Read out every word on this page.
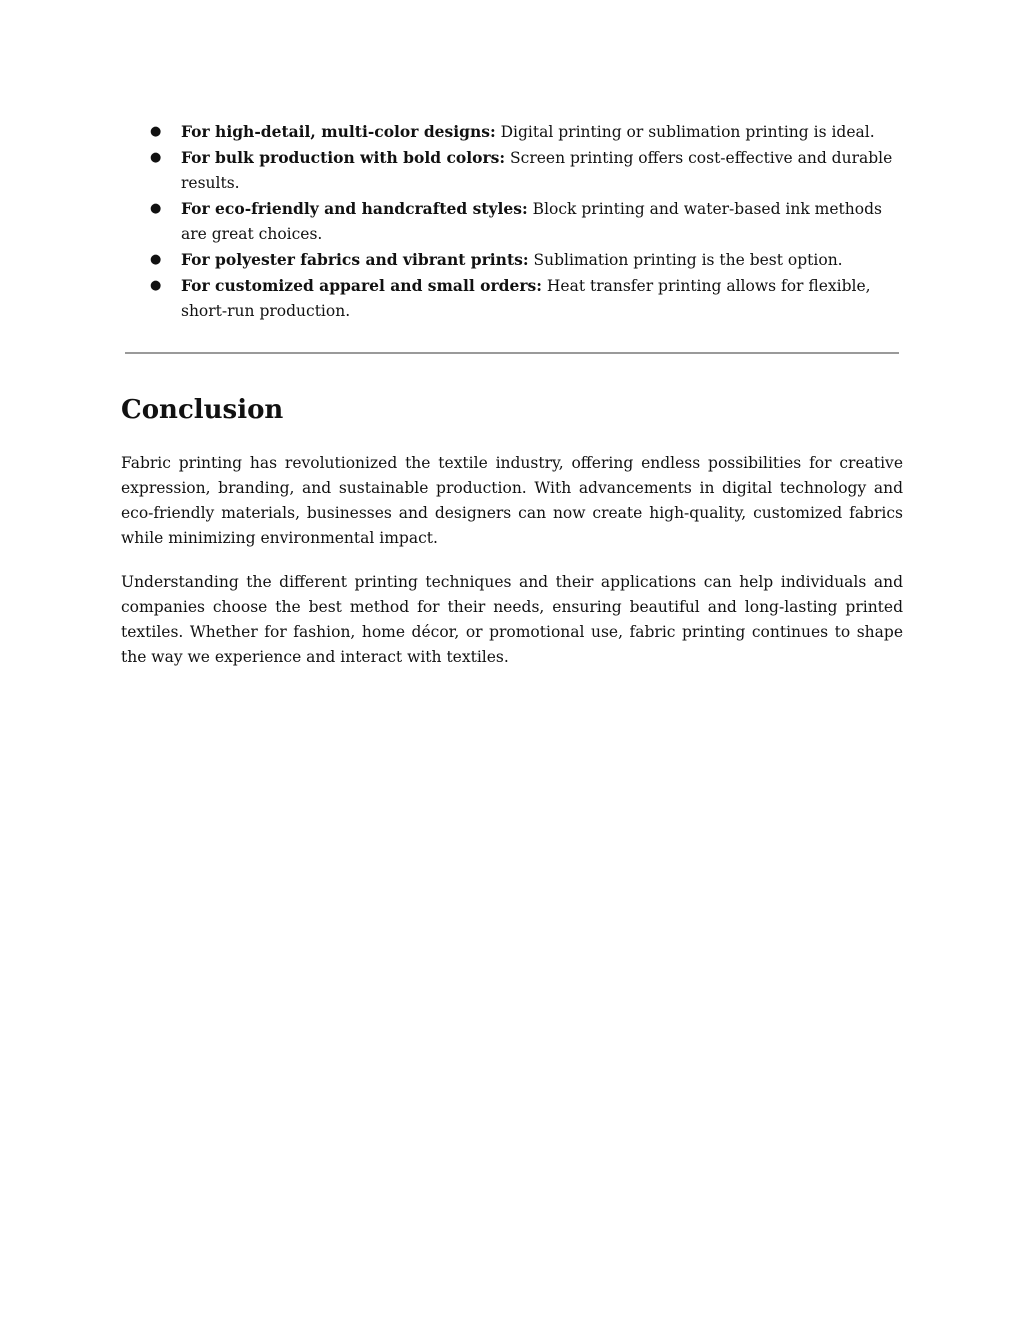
●	For high-detail, multi-color designs: Digital printing or sublimation printing is ideal.
●	For bulk production with bold colors: Screen printing offers cost-effective and durable results.
●	For eco-friendly and handcrafted styles: Block printing and water-based ink methods are great choices.
●	For polyester fabrics and vibrant prints: Sublimation printing is the best option.
●	For customized apparel and small orders: Heat transfer printing allows for flexible, short-run production.
Conclusion

Fabric printing has revolutionized the textile industry, offering endless possibilities for creative expression, branding, and sustainable production. With advancements in digital technology and eco-friendly materials, businesses and designers can now create high-quality, customized fabrics while minimizing environmental impact.

Understanding the different printing techniques and their applications can help individuals and companies choose the best method for their needs, ensuring beautiful and long-lasting printed textiles. Whether for fashion, home décor, or promotional use, fabric printing continues to shape the way we experience and interact with textiles.
